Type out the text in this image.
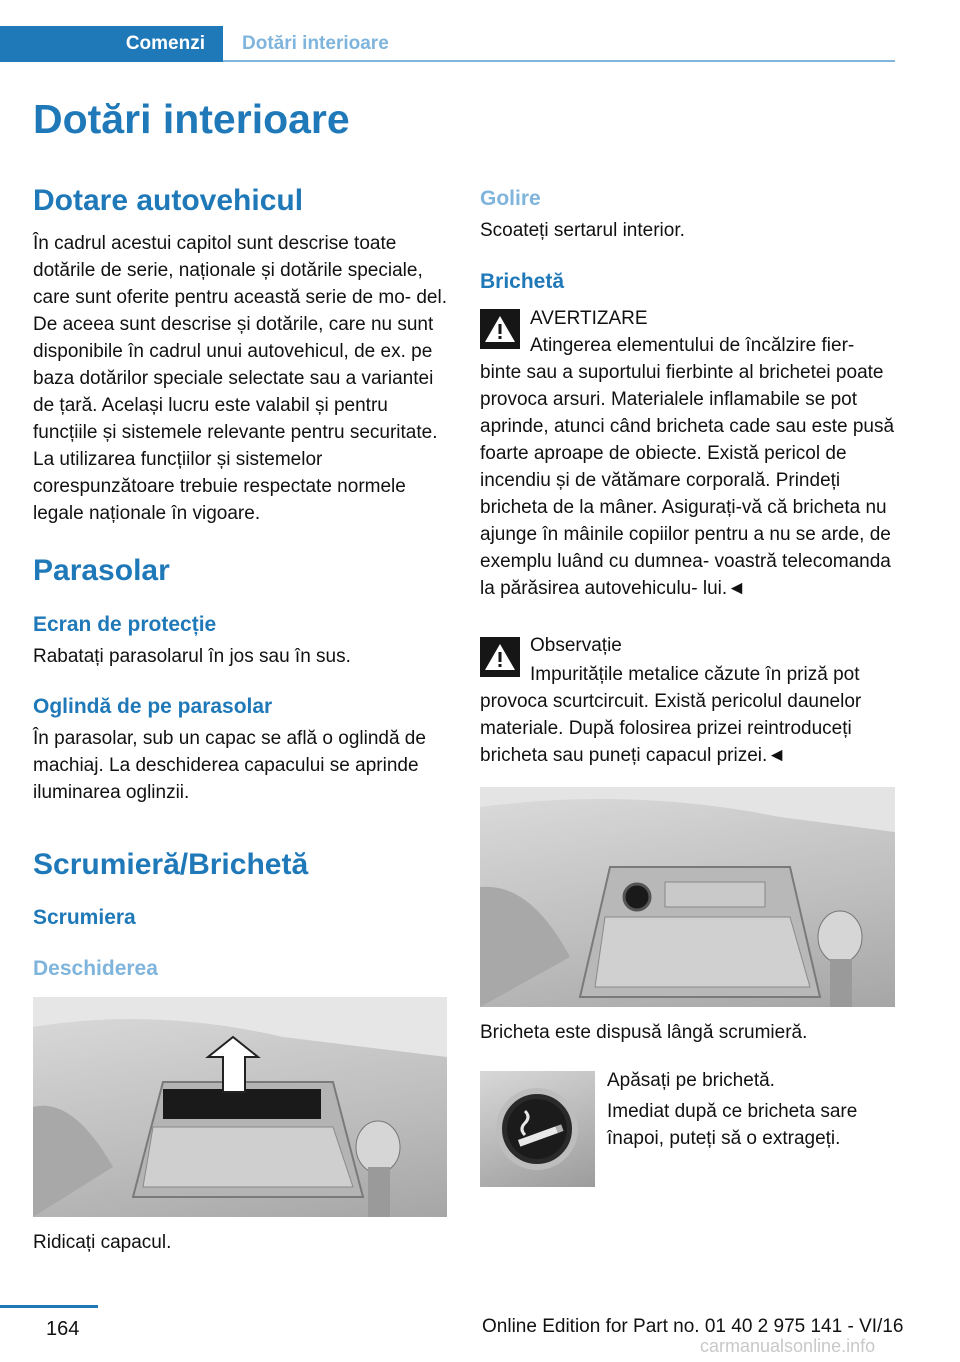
Comenzi	Dotări interioare
Dotări interioare
Dotare autovehicul

În cadrul acestui capitol sunt descrise toate dotările de serie, naționale și dotările speciale, care sunt oferite pentru această serie de mo‐ del. De aceea sunt descrise și dotările, care nu sunt disponibile în cadrul unui autovehicul, de ex. pe baza dotărilor speciale selectate sau a variantei de țară. Același lucru este valabil și pentru funcțiile și sistemele relevante pentru securitate. La utilizarea funcțiilor și sistemelor corespunzătoare trebuie respectate normele legale naționale în vigoare.

Parasolar
Ecran de protecție

Rabatați parasolarul în jos sau în sus.

Oglindă de pe parasolar

În parasolar, sub un capac se află o oglindă de machiaj. La deschiderea capacului se aprinde iluminarea oglinzii.

Scrumieră/Brichetă
Scrumiera
Deschiderea
Ridicați capacul.
Golire

Scoateți sertarul interior.

Brichetă
AVERTIZARE

Atingerea elementului de încălzire fier‐ binte sau a suportului fierbinte al brichetei poate provoca arsuri. Materialele inflamabile se pot aprinde, atunci când bricheta cade sau este pusă foarte aproape de obiecte. Există pericol de incendiu și de vătămare corporală. Prindeți bricheta de la mâner. Asigurați-vă că bricheta nu ajunge în mâinile copiilor pentru a nu se arde, de exemplu luând cu dumnea‐ voastră telecomanda la părăsirea autovehiculu‐ lui.◄

Observație

Impuritățile metalice căzute în priză pot provoca scurtcircuit. Există pericolul daunelor materiale. După folosirea prizei reintroduceți bricheta sau puneți capacul prizei.◄

Bricheta este dispusă lângă scrumieră.
Apăsați pe brichetă.

Imediat după ce bricheta sare înapoi, puteți să o extrageți.

164	Online Edition for Part no. 01 40 2 975 141 - VI/16
carmanualsonline.info
